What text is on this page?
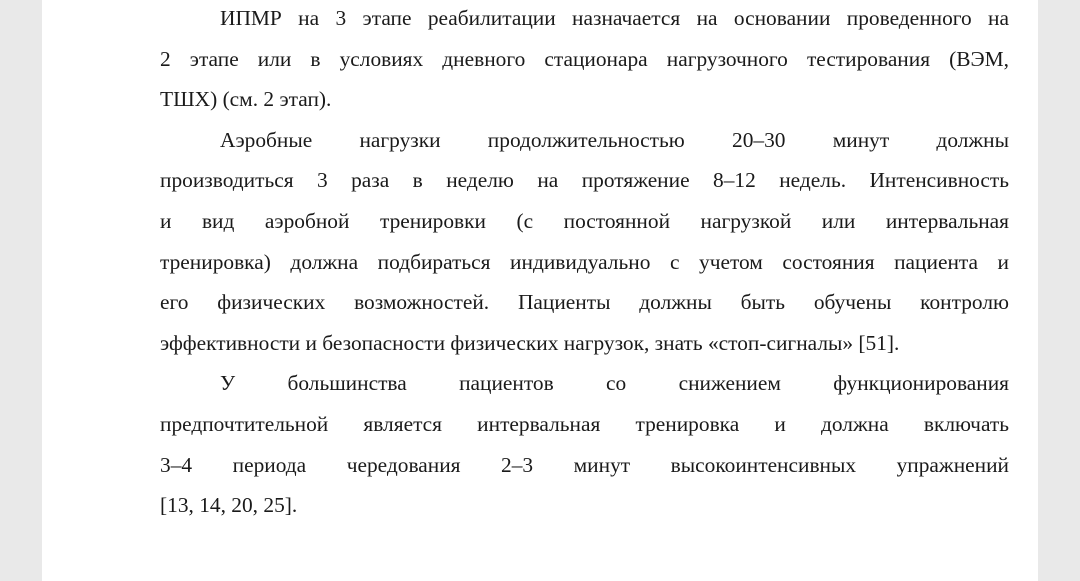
ИПМР на 3 этапе реабилитации назначается на основании проведенного на
2 этапе или в условиях дневного стационара нагрузочного тестирования (ВЭМ,
ТШХ) (см. 2 этап).
Аэробные нагрузки продолжительностью 20–30 минут должны
производиться 3 раза в неделю на протяжение 8–12 недель. Интенсивность
и вид аэробной тренировки (с постоянной нагрузкой или интервальная
тренировка) должна подбираться индивидуально с учетом состояния пациента и
его физических возможностей. Пациенты должны быть обучены контролю
эффективности и безопасности физических нагрузок, знать «стоп-сигналы» [51].
У большинства пациентов со снижением функционирования
предпочтительной является интервальная тренировка и должна включать
3–4 периода чередования 2–3 минут высокоинтенсивных упражнений
[13, 14, 20, 25].
